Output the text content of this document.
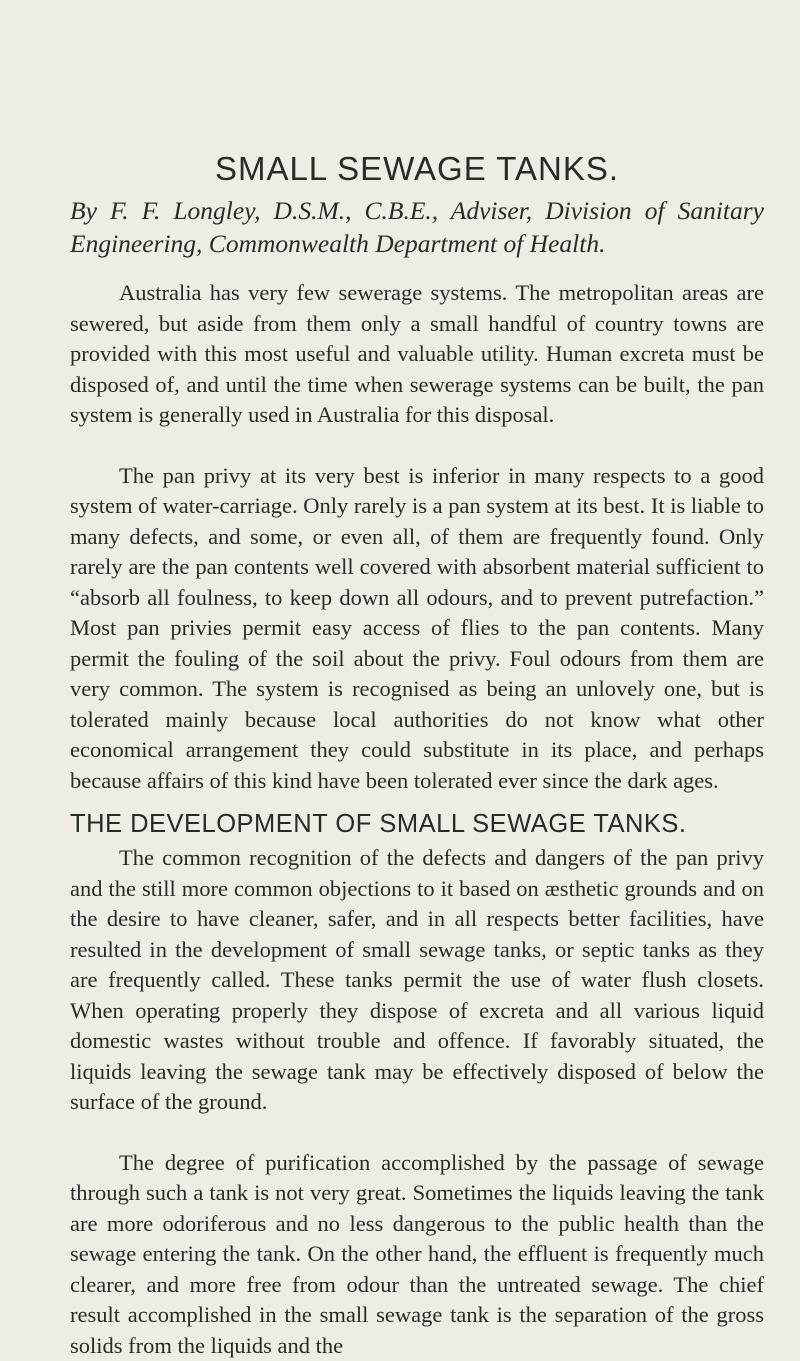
SMALL SEWAGE TANKS.

By F. F. Longley, D.S.M., C.B.E., Adviser, Division of Sanitary Engineering, Commonwealth Department of Health.

Australia has very few sewerage systems. The metropolitan areas are sewered, but aside from them only a small handful of country towns are provided with this most useful and valuable utility. Human excreta must be disposed of, and until the time when sewerage systems can be built, the pan system is generally used in Australia for this disposal.

The pan privy at its very best is inferior in many respects to a good system of water-carriage. Only rarely is a pan system at its best. It is liable to many defects, and some, or even all, of them are frequently found. Only rarely are the pan contents well covered with absorbent material sufficient to “absorb all foulness, to keep down all odours, and to prevent putrefaction.” Most pan privies permit easy access of flies to the pan contents. Many permit the fouling of the soil about the privy. Foul odours from them are very common. The system is recognised as being an unlovely one, but is tolerated mainly because local authorities do not know what other economical arrangement they could substitute in its place, and perhaps because affairs of this kind have been tolerated ever since the dark ages.

THE DEVELOPMENT OF SMALL SEWAGE TANKS.

The common recognition of the defects and dangers of the pan privy and the still more common objections to it based on æsthetic grounds and on the desire to have cleaner, safer, and in all respects better facilities, have resulted in the development of small sewage tanks, or septic tanks as they are frequently called. These tanks permit the use of water flush closets. When operating properly they dispose of excreta and all various liquid domestic wastes without trouble and offence. If favorably situated, the liquids leaving the sewage tank may be effectively disposed of below the surface of the ground.

The degree of purification accomplished by the passage of sewage through such a tank is not very great. Sometimes the liquids leaving the tank are more odoriferous and no less dangerous to the public health than the sewage entering the tank. On the other hand, the effluent is frequently much clearer, and more free from odour than the untreated sewage. The chief result accomplished in the small sewage tank is the separation of the gross solids from the liquids and the
